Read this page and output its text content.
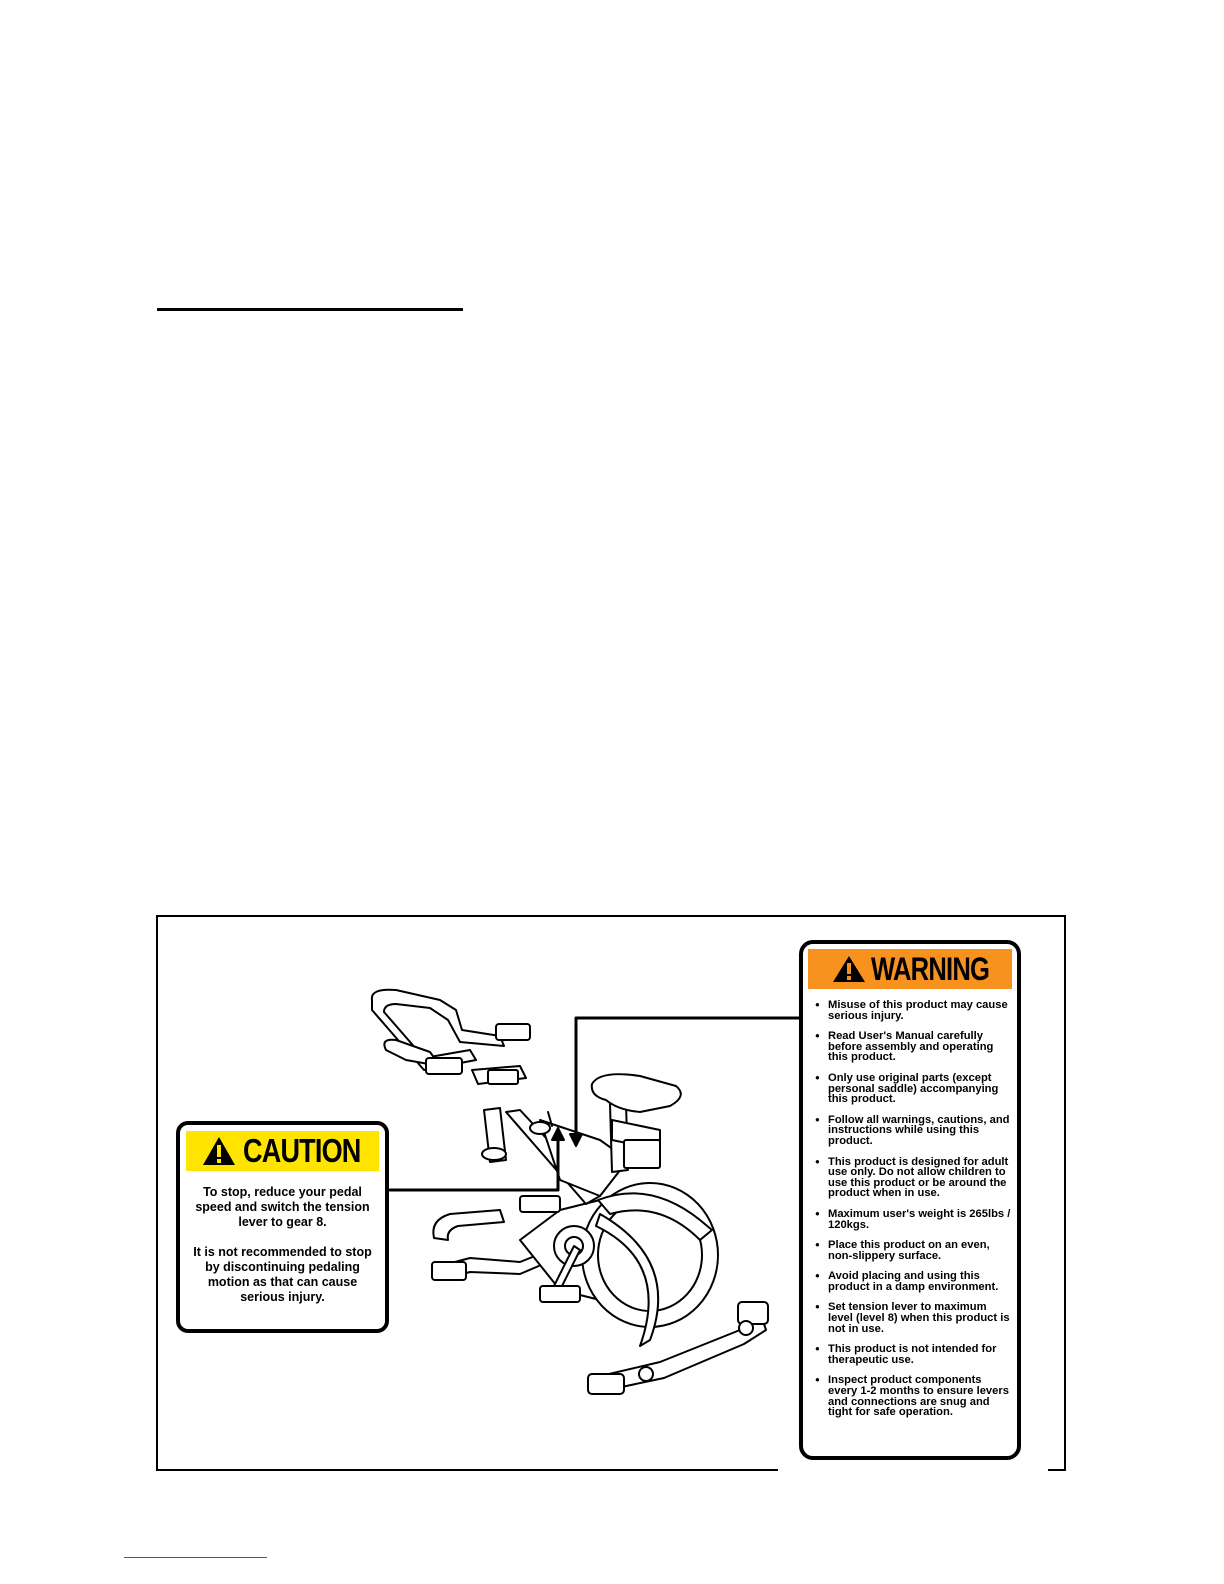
CAUTION

To stop, reduce your pedal speed and switch the tension lever to gear 8.

It is not recommended to stop by discontinuing pedaling motion as that can cause serious injury.

WARNING
● Misuse of this product may cause serious injury.
● Read User's Manual carefully before assembly and operating this product.
● Only use original parts (except personal saddle) accompanying this product.
● Follow all warnings, cautions, and instructions while using this product.
● This product is designed for adult use only. Do not allow children to use this product or be around the product when in use.
● Maximum user's weight is 265lbs / 120kgs.
● Place this product on an even, non-slippery surface.
● Avoid placing and using this product in a damp environment.
● Set tension lever to maximum level (level 8) when this product is not in use.
● This product is not intended for therapeutic use.
● Inspect product components every 1-2 months to ensure levers and connections are snug and tight for safe operation.
